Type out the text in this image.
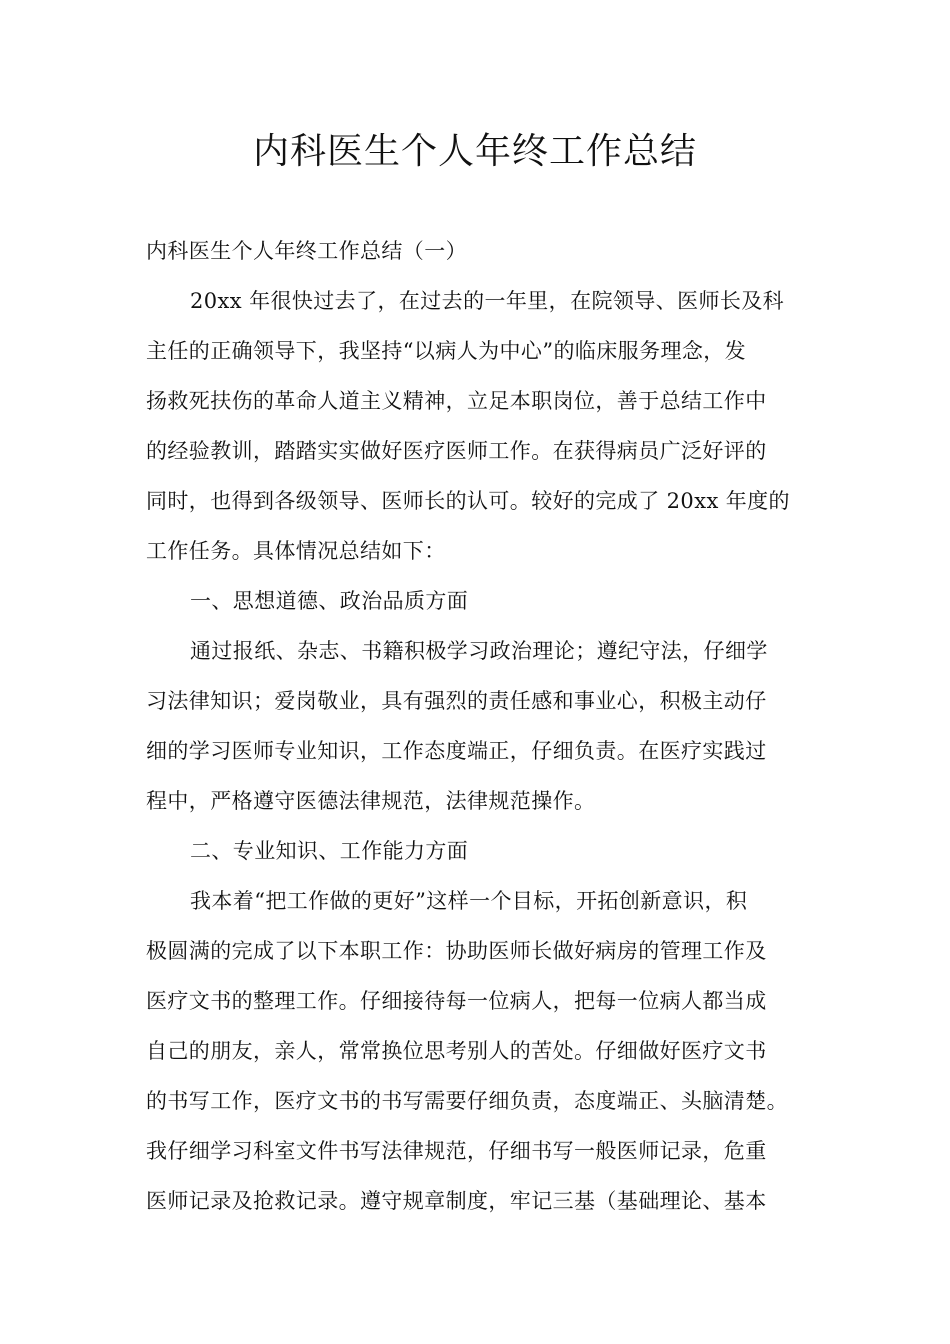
内科医生个人年终工作总结
内科医生个人年终工作总结（一）
20xx 年很快过去了，在过去的一年里，在院领导、医师长及科
主任的正确领导下，我坚持“以病人为中心”的临床服务理念，发
扬救死扶伤的革命人道主义精神，立足本职岗位，善于总结工作中
的经验教训，踏踏实实做好医疗医师工作。在获得病员广泛好评的
同时，也得到各级领导、医师长的认可。较好的完成了 20xx 年度的
工作任务。具体情况总结如下：
一、思想道德、政治品质方面
通过报纸、杂志、书籍积极学习政治理论；遵纪守法，仔细学
习法律知识；爱岗敬业，具有强烈的责任感和事业心，积极主动仔
细的学习医师专业知识，工作态度端正，仔细负责。在医疗实践过
程中，严格遵守医德法律规范，法律规范操作。
二、专业知识、工作能力方面
我本着“把工作做的更好”这样一个目标，开拓创新意识，积
极圆满的完成了以下本职工作：协助医师长做好病房的管理工作及
医疗文书的整理工作。仔细接待每一位病人，把每一位病人都当成
自己的朋友，亲人，常常换位思考别人的苦处。仔细做好医疗文书
的书写工作，医疗文书的书写需要仔细负责，态度端正、头脑清楚。
我仔细学习科室文件书写法律规范，仔细书写一般医师记录，危重
医师记录及抢救记录。遵守规章制度，牢记三基（基础理论、基本
